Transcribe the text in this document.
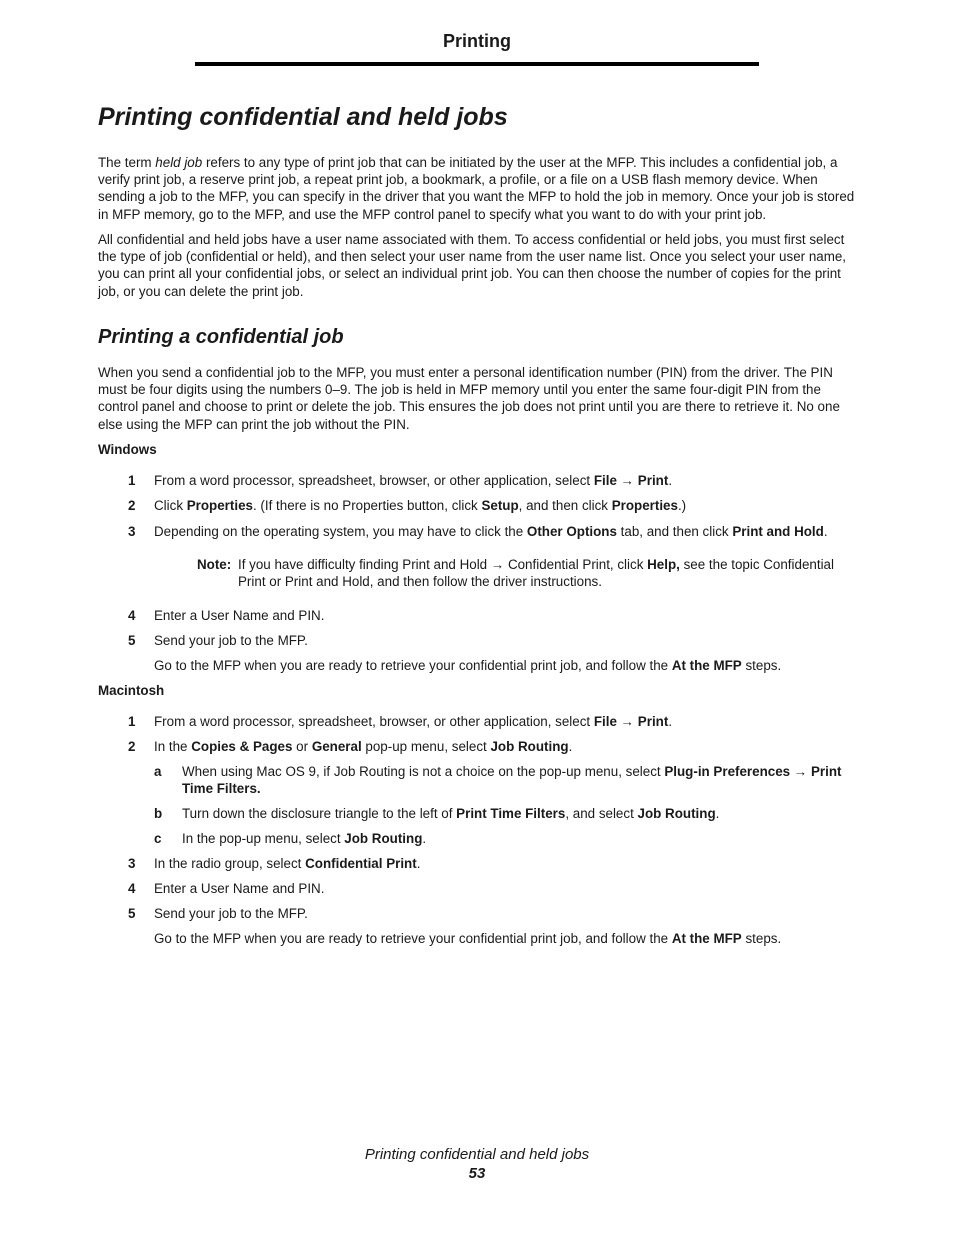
Printing
Printing confidential and held jobs
The term held job refers to any type of print job that can be initiated by the user at the MFP. This includes a confidential job, a verify print job, a reserve print job, a repeat print job, a bookmark, a profile, or a file on a USB flash memory device. When sending a job to the MFP, you can specify in the driver that you want the MFP to hold the job in memory. Once your job is stored in MFP memory, go to the MFP, and use the MFP control panel to specify what you want to do with your print job.
All confidential and held jobs have a user name associated with them. To access confidential or held jobs, you must first select the type of job (confidential or held), and then select your user name from the user name list. Once you select your user name, you can print all your confidential jobs, or select an individual print job. You can then choose the number of copies for the print job, or you can delete the print job.
Printing a confidential job
When you send a confidential job to the MFP, you must enter a personal identification number (PIN) from the driver. The PIN must be four digits using the numbers 0–9. The job is held in MFP memory until you enter the same four-digit PIN from the control panel and choose to print or delete the job. This ensures the job does not print until you are there to retrieve it. No one else using the MFP can print the job without the PIN.
Windows
1 From a word processor, spreadsheet, browser, or other application, select File → Print.
2 Click Properties. (If there is no Properties button, click Setup, and then click Properties.)
3 Depending on the operating system, you may have to click the Other Options tab, and then click Print and Hold.
Note: If you have difficulty finding Print and Hold → Confidential Print, click Help, see the topic Confidential Print or Print and Hold, and then follow the driver instructions.
4 Enter a User Name and PIN.
5 Send your job to the MFP.
Go to the MFP when you are ready to retrieve your confidential print job, and follow the At the MFP steps.
Macintosh
1 From a word processor, spreadsheet, browser, or other application, select File → Print.
2 In the Copies & Pages or General pop-up menu, select Job Routing.
a When using Mac OS 9, if Job Routing is not a choice on the pop-up menu, select Plug-in Preferences → Print Time Filters.
b Turn down the disclosure triangle to the left of Print Time Filters, and select Job Routing.
c In the pop-up menu, select Job Routing.
3 In the radio group, select Confidential Print.
4 Enter a User Name and PIN.
5 Send your job to the MFP.
Go to the MFP when you are ready to retrieve your confidential print job, and follow the At the MFP steps.
Printing confidential and held jobs
53
